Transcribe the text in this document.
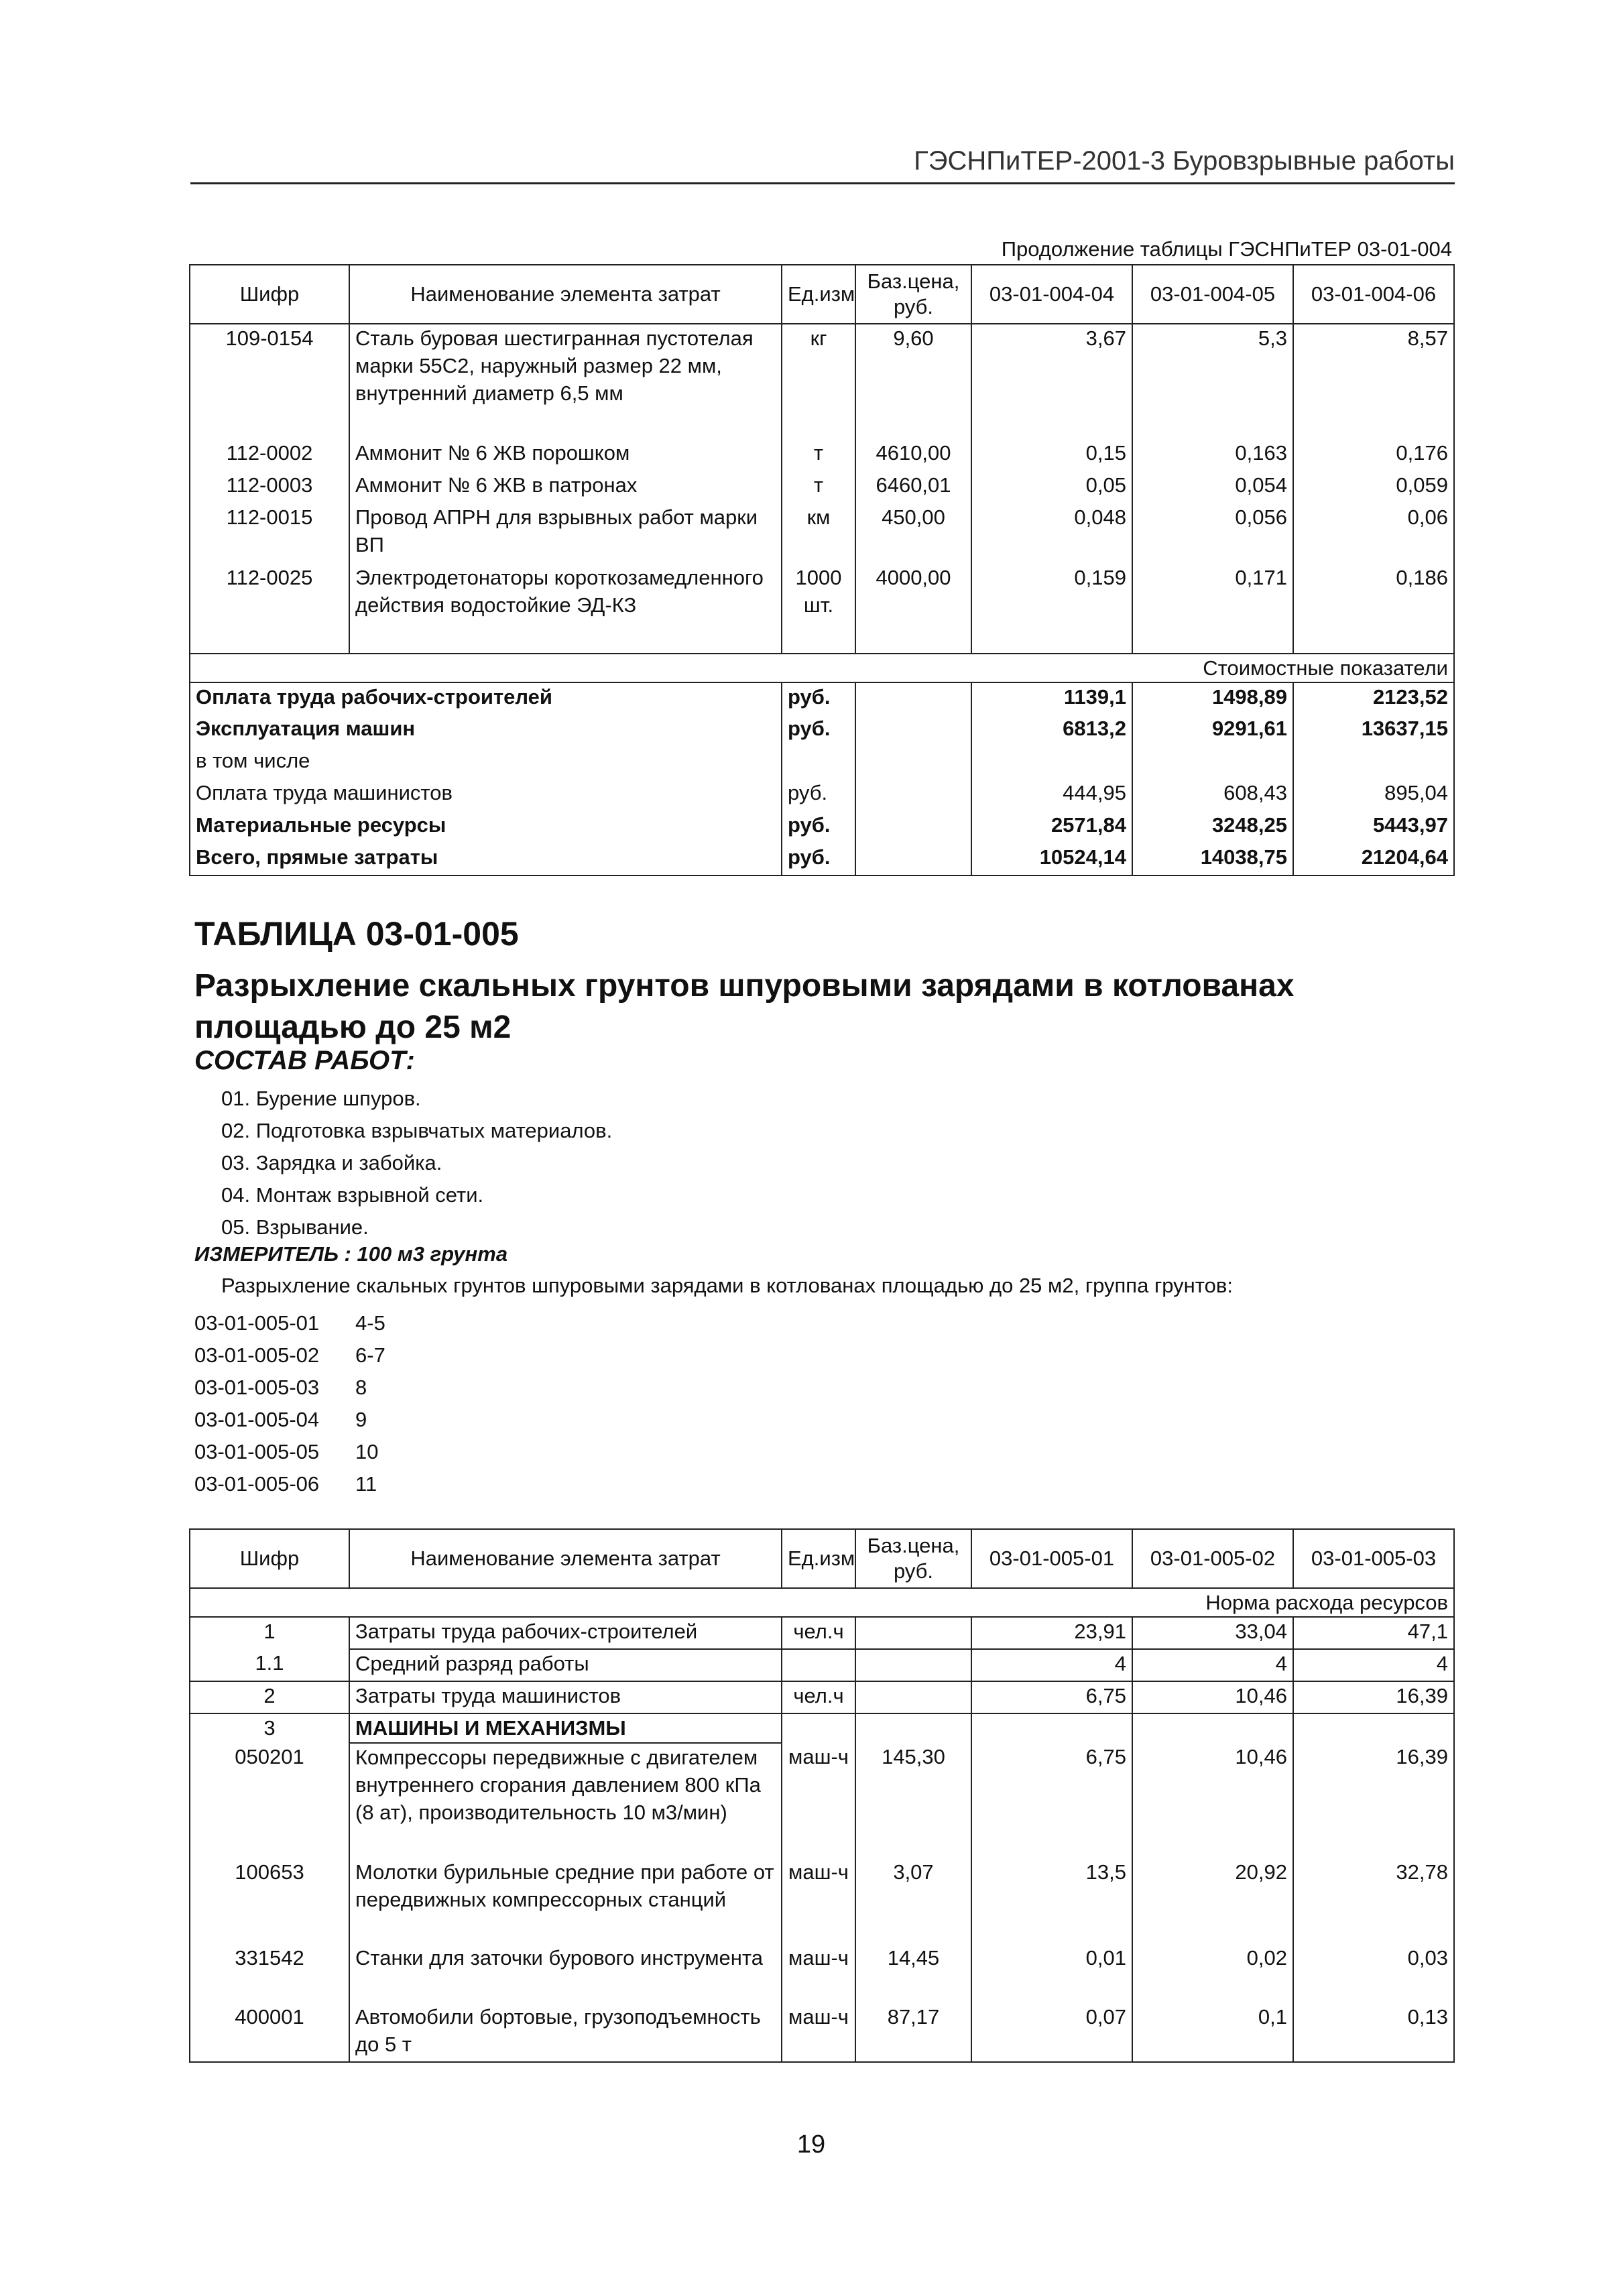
ГЭСНПиТЕР-2001-3 Буровзрывные работы
Продолжение таблицы ГЭСНПиТЕР 03-01-004
Шифр	Наименование элемента затрат	Ед.изм	Баз.цена, руб.	03-01-004-04	03-01-004-05	03-01-004-06
109-0154	Сталь буровая шестигранная пустотелая марки 55С2, наружный размер 22 мм, внутренний диаметр 6,5 мм	кг	9,60	3,67	5,3	8,57
112-0002	Аммонит № 6 ЖВ порошком	т	4610,00	0,15	0,163	0,176
112-0003	Аммонит № 6 ЖВ в патронах	т	6460,01	0,05	0,054	0,059
112-0015	Провод АПРН для взрывных работ марки ВП	км	450,00	0,048	0,056	0,06
112-0025	Электродетонаторы короткозамедленного действия водостойкие ЭД-КЗ	1000 шт.	4000,00	0,159	0,171	0,186
Стоимостные показатели						
Оплата труда рабочих-строителей		руб.		1139,1	1498,89	2123,52
Эксплуатация машин		руб.		6813,2	9291,61	13637,15
в том числе						
Оплата труда машинистов		руб.		444,95	608,43	895,04
Материальные ресурсы		руб.		2571,84	3248,25	5443,97
Всего, прямые затраты		руб.		10524,14	14038,75	21204,64
ТАБЛИЦА 03-01-005
Разрыхление скальных грунтов шпуровыми зарядами в котлованах площадью до 25 м2
СОСТАВ РАБОТ:
01. Бурение шпуров.
02. Подготовка взрывчатых материалов.
03. Зарядка и забойка.
04. Монтаж взрывной сети.
05. Взрывание.
ИЗМЕРИТЕЛЬ : 100 м3 грунта
Разрыхление скальных грунтов шпуровыми зарядами в котлованах площадью до 25 м2, группа грунтов:
03-01-005-01 4-5
03-01-005-02 6-7
03-01-005-03 8
03-01-005-04 9
03-01-005-05 10
03-01-005-06 11
Шифр	Наименование элемента затрат	Ед.изм	Баз.цена, руб.	03-01-005-01	03-01-005-02	03-01-005-03
Норма расхода ресурсов						
1	Затраты труда рабочих-строителей	чел.ч		23,91	33,04	47,1
1.1	Средний разряд работы			4	4	4
2	Затраты труда машинистов	чел.ч		6,75	10,46	16,39
3	МАШИНЫ И МЕХАНИЗМЫ					
050201	Компрессоры передвижные с двигателем внутреннего сгорания давлением 800 кПа (8 ат), производительность 10 м3/мин)	маш-ч	145,30	6,75	10,46	16,39
100653	Молотки бурильные средние при работе от передвижных компрессорных станций	маш-ч	3,07	13,5	20,92	32,78
331542	Станки для заточки бурового инструмента	маш-ч	14,45	0,01	0,02	0,03
400001	Автомобили бортовые, грузоподъемность до 5 т	маш-ч	87,17	0,07	0,1	0,13
19
